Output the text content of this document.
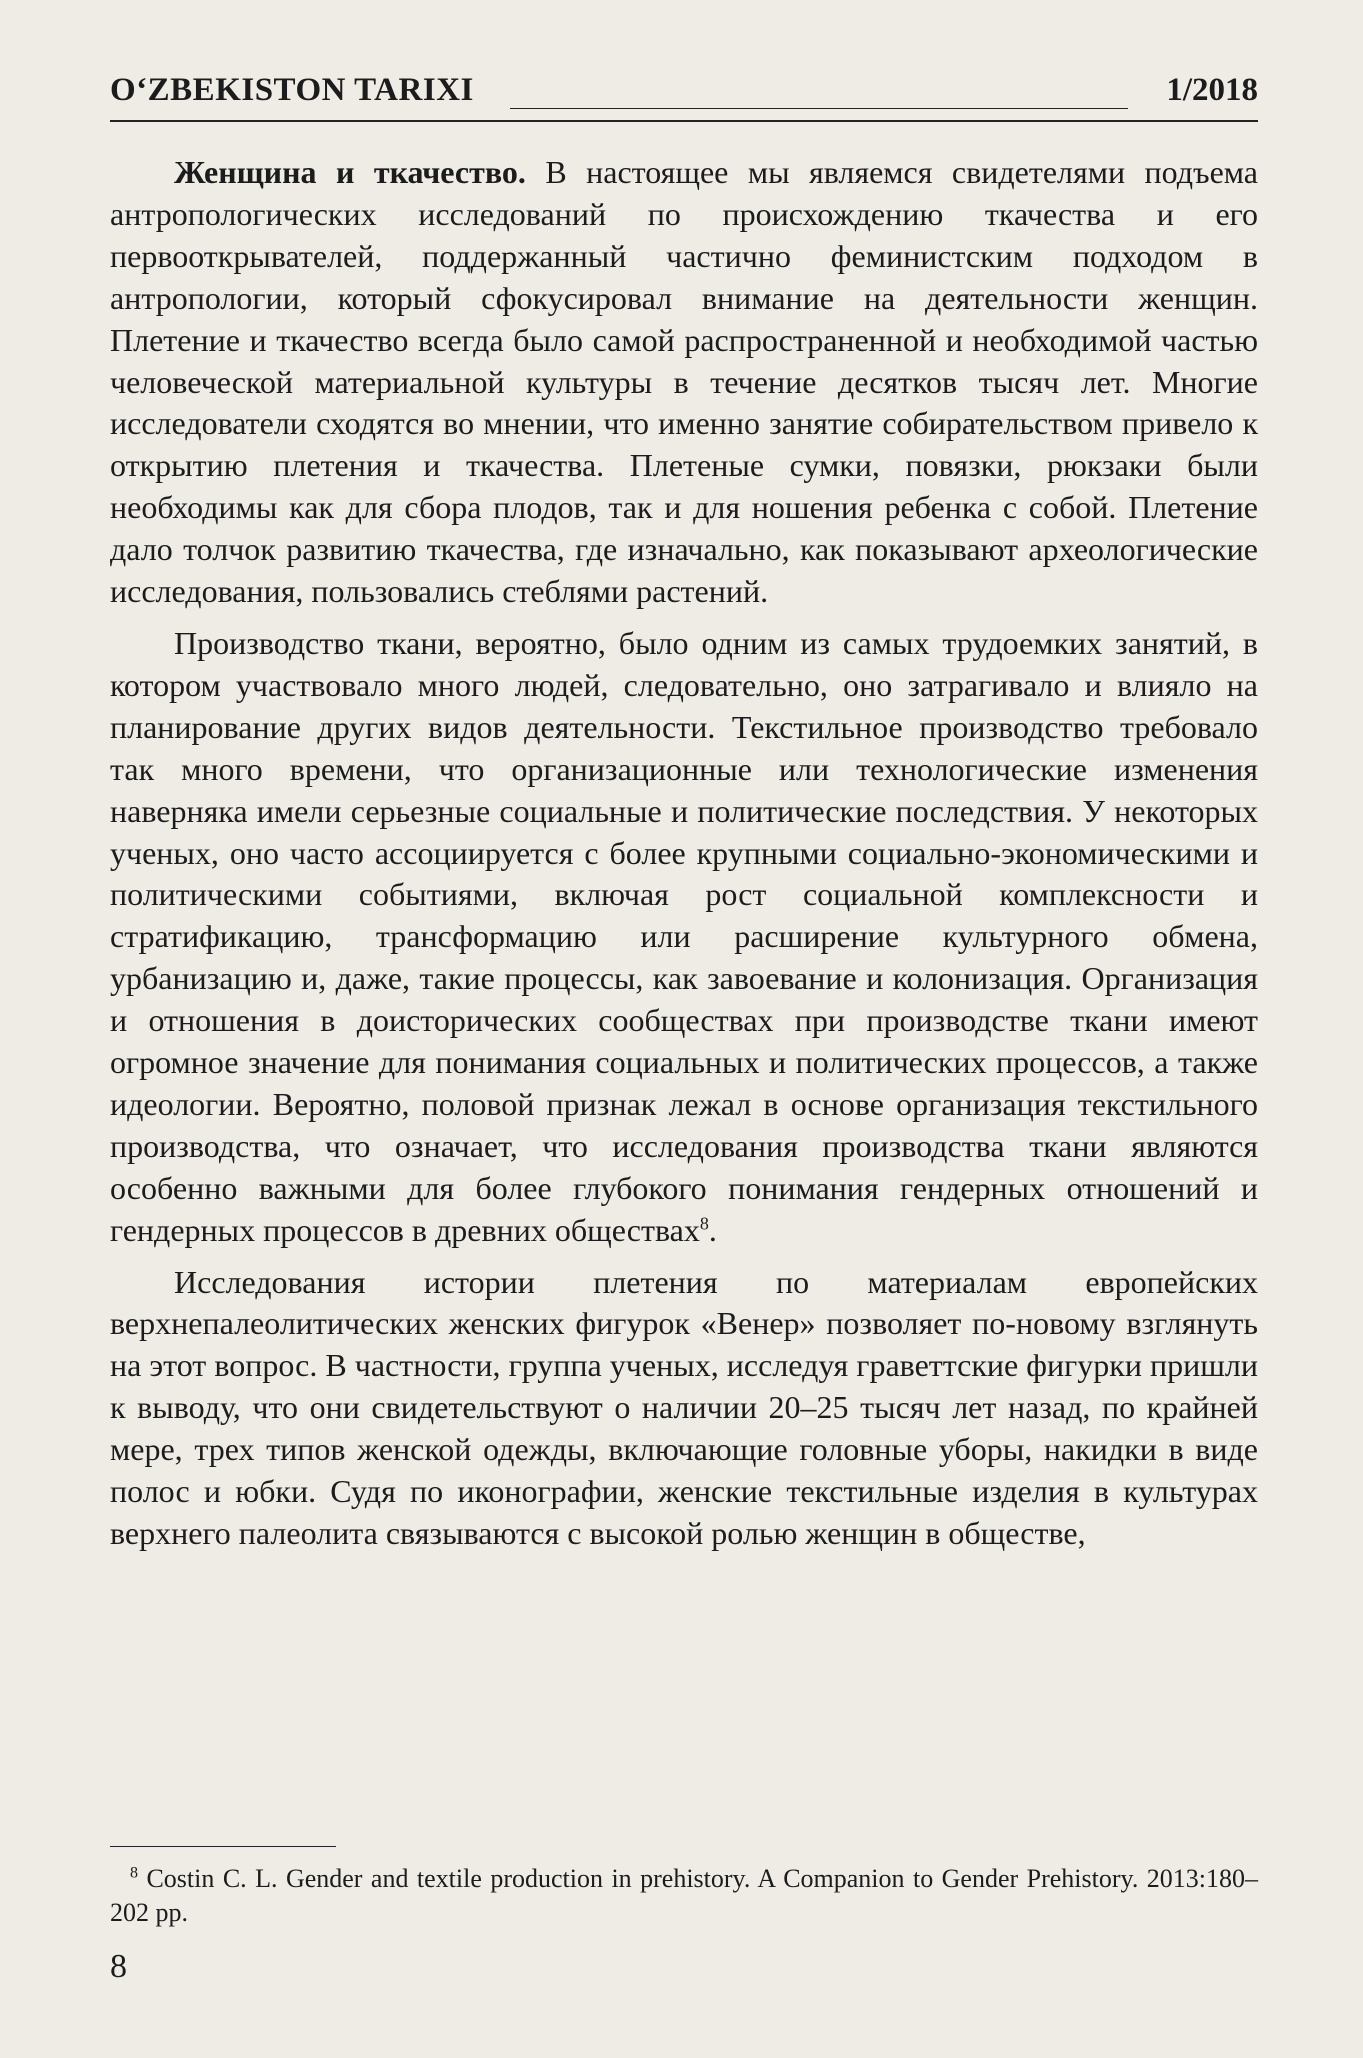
O‘ZBEKISTON TARIXI	1/2018

Женщина и ткачество. В настоящее мы являемся свидетелями подъема антропологических исследований по происхождению ткачества и его первооткрывателей, поддержанный частично феминистским подходом в антропологии, который сфокусировал внимание на деятельности женщин. Плетение и ткачество всегда было самой распространенной и необходимой частью человеческой материальной культуры в течение десятков тысяч лет. Многие исследователи сходятся во мнении, что именно занятие собирательством привело к открытию плетения и ткачества. Плетеные сумки, повязки, рюкзаки были необходимы как для сбора плодов, так и для ношения ребенка с собой. Плетение дало толчок развитию ткачества, где изначально, как показывают археологические исследования, пользовались стеблями растений.

Производство ткани, вероятно, было одним из самых трудоемких занятий, в котором участвовало много людей, следовательно, оно затрагивало и влияло на планирование других видов деятельности. Текстильное производство требовало так много времени, что организационные или технологические изменения наверняка имели серьезные социальные и политические последствия. У некоторых ученых, оно часто ассоциируется с более крупными социально-экономическими и политическими событиями, включая рост социальной комплексности и стратификацию, трансформацию или расширение культурного обмена, урбанизацию и, даже, такие процессы, как завоевание и колонизация. Организация и отношения в доисторических сообществах при производстве ткани имеют огромное значение для понимания социальных и политических процессов, а также идеологии. Вероятно, половой признак лежал в основе организация текстильного производства, что означает, что исследования производства ткани являются особенно важными для более глубокого понимания гендерных отношений и гендерных процессов в древних обществах$^8$.

Исследования истории плетения по материалам европейских верхнепалеолитических женских фигурок «Венер» позволяет по-новому взглянуть на этот вопрос. В частности, группа ученых, исследуя граветтские фигурки пришли к выводу, что они свидетельствуют о наличии 20–25 тысяч лет назад, по крайней мере, трех типов женской одежды, включающие головные уборы, накидки в виде полос и юбки. Судя по иконографии, женские текстильные изделия в культурах верхнего палеолита связываются с высокой ролью женщин в обществе,

$^8$ Costin C. L. Gender and textile production in prehistory. A Companion to Gender Prehistory. 2013:180–202 pp.
8
